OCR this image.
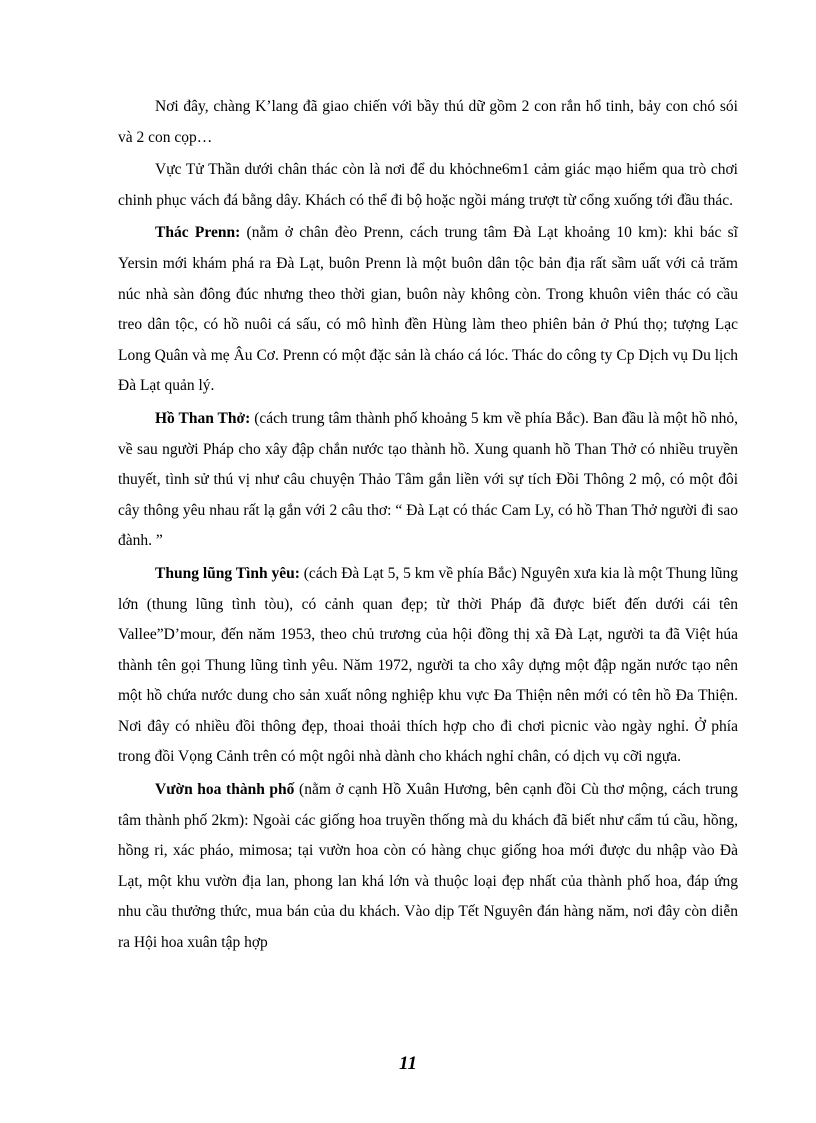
Nơi đây, chàng K’lang đã giao chiến với bầy thú dữ gồm 2 con rắn hổ tinh, bảy con chó sói và 2 con cọp…

Vực Tử Thần dưới chân thác còn là nơi để du khỏchne6m1 cảm giác mạo hiểm qua trò chơi chinh phục vách đá bằng dây. Khách có thể đi bộ hoặc ngồi máng trượt từ cổng xuống tới đầu thác.

Thác Prenn: (nằm ở chân đèo Prenn, cách trung tâm Đà Lạt khoảng 10 km): khi bác sĩ Yersin mới khám phá ra Đà Lạt, buôn Prenn là một buôn dân tộc bản địa rất sầm uất với cả trăm núc nhà sàn đông đúc nhưng theo thời gian, buôn này không còn. Trong khuôn viên thác có cầu treo dân tộc, có hồ nuôi cá sấu, có mô hình đền Hùng làm theo phiên bản ở Phú thọ; tượng Lạc Long Quân và mẹ Âu Cơ. Prenn có một đặc sản là cháo cá lóc. Thác do công ty Cp Dịch vụ Du lịch Đà Lạt quản lý.

Hồ Than Thở: (cách trung tâm thành phố khoảng 5 km về phía Bắc). Ban đầu là một hồ nhỏ, về sau người Pháp cho xây đập chắn nước tạo thành hồ. Xung quanh hồ Than Thở có nhiều truyền thuyết, tình sử thú vị như câu chuyện Thảo Tâm gắn liền với sự tích Đồi Thông 2 mộ, có một đôi cây thông yêu nhau rất lạ gắn với 2 câu thơ: “ Đà Lạt có thác Cam Ly, có hồ Than Thở người đi sao đành. ”

Thung lũng Tình yêu: (cách Đà Lạt 5, 5 km về phía Bắc) Nguyên xưa kia là một Thung lũng lớn (thung lũng tình tòu), có cảnh quan đẹp; từ thời Pháp đã được biết đến dưới cái tên Vallee”D’mour, đến năm 1953, theo chủ trương của hội đồng thị xã Đà Lạt, người ta đã Việt húa thành tên gọi Thung lũng tình yêu. Năm 1972, người ta cho xây dựng một đập ngăn nước tạo nên một hồ chứa nước dung cho sản xuất nông nghiệp khu vực Đa Thiện nên mới có tên hồ Đa Thiện. Nơi đây có nhiều đồi thông đẹp, thoai thoải thích hợp cho đi chơi picnic vào ngày nghỉ. Ở phía trong đồi Vọng Cảnh trên có một ngôi nhà dành cho khách nghỉ chân, có dịch vụ cỡi ngựa.

Vườn hoa thành phố (nằm ở cạnh Hồ Xuân Hương, bên cạnh đồi Cù thơ mộng, cách trung tâm thành phố 2km): Ngoài các giống hoa truyền thống mà du khách đã biết như cẩm tú cầu, hồng, hồng ri, xác pháo, mimosa; tại vườn hoa còn có hàng chục giống hoa mới được du nhập vào Đà Lạt, một khu vườn địa lan, phong lan khá lớn và thuộc loại đẹp nhất của thành phố hoa, đáp ứng nhu cầu thưởng thức, mua bán của du khách. Vào dịp Tết Nguyên đán hàng năm, nơi đây còn diễn ra Hội hoa xuân tập hợp

11
